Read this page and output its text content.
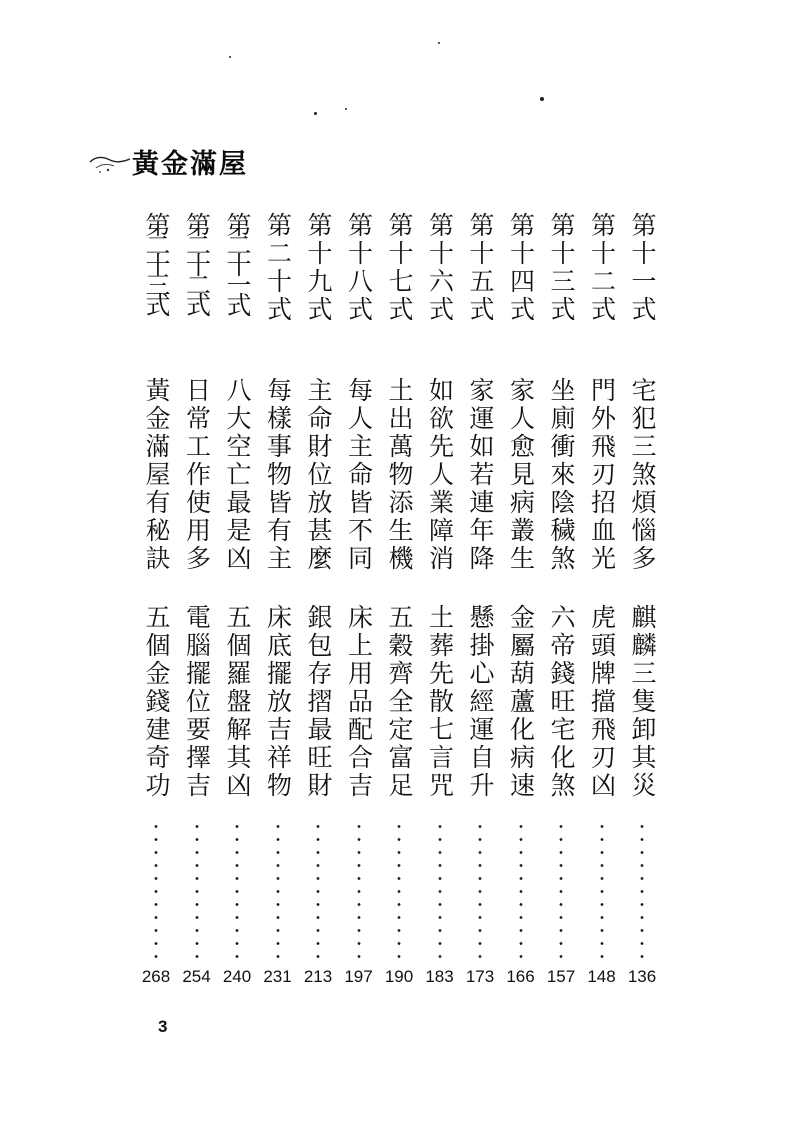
黃金滿屋
第十一式
宅犯三煞煩惱多
麒麟三隻卸其災
136
第十二式
門外飛刃招血光
虎頭牌擋飛刃凶
148
第十三式
坐廁衝來陰穢煞
六帝錢旺宅化煞
157
第十四式
家人愈見病叢生
金屬葫蘆化病速
166
第十五式
家運如若連年降
懸掛心經運自升
173
第十六式
如欲先人業障消
土葬先散七言咒
183
第十七式
土出萬物添生機
五穀齊全定富足
190
第十八式
每人主命皆不同
床上用品配合吉
197
第十九式
主命財位放甚麼
銀包存摺最旺財
213
第二十式
每樣事物皆有主
床底擺放吉祥物
231
第二十一式
八大空亡最是凶
五個羅盤解其凶
240
第二十二式
日常工作使用多
電腦擺位要擇吉
254
第二十三式
黃金滿屋有秘訣
五個金錢建奇功
268
3
